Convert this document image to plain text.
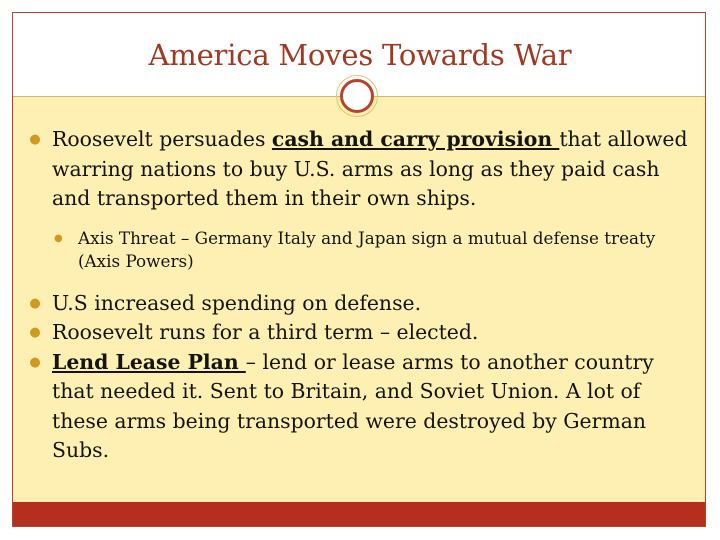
America Moves Towards War
● Roosevelt persuades cash and carry provision that allowed warring nations to buy U.S. arms as long as they paid cash and transported them in their own ships.
● Axis Threat – Germany Italy and Japan sign a mutual defense treaty (Axis Powers)
● U.S increased spending on defense.
● Roosevelt runs for a third term – elected.
● Lend Lease Plan – lend or lease arms to another country that needed it. Sent to Britain, and Soviet Union. A lot of these arms being transported were destroyed by German Subs.
